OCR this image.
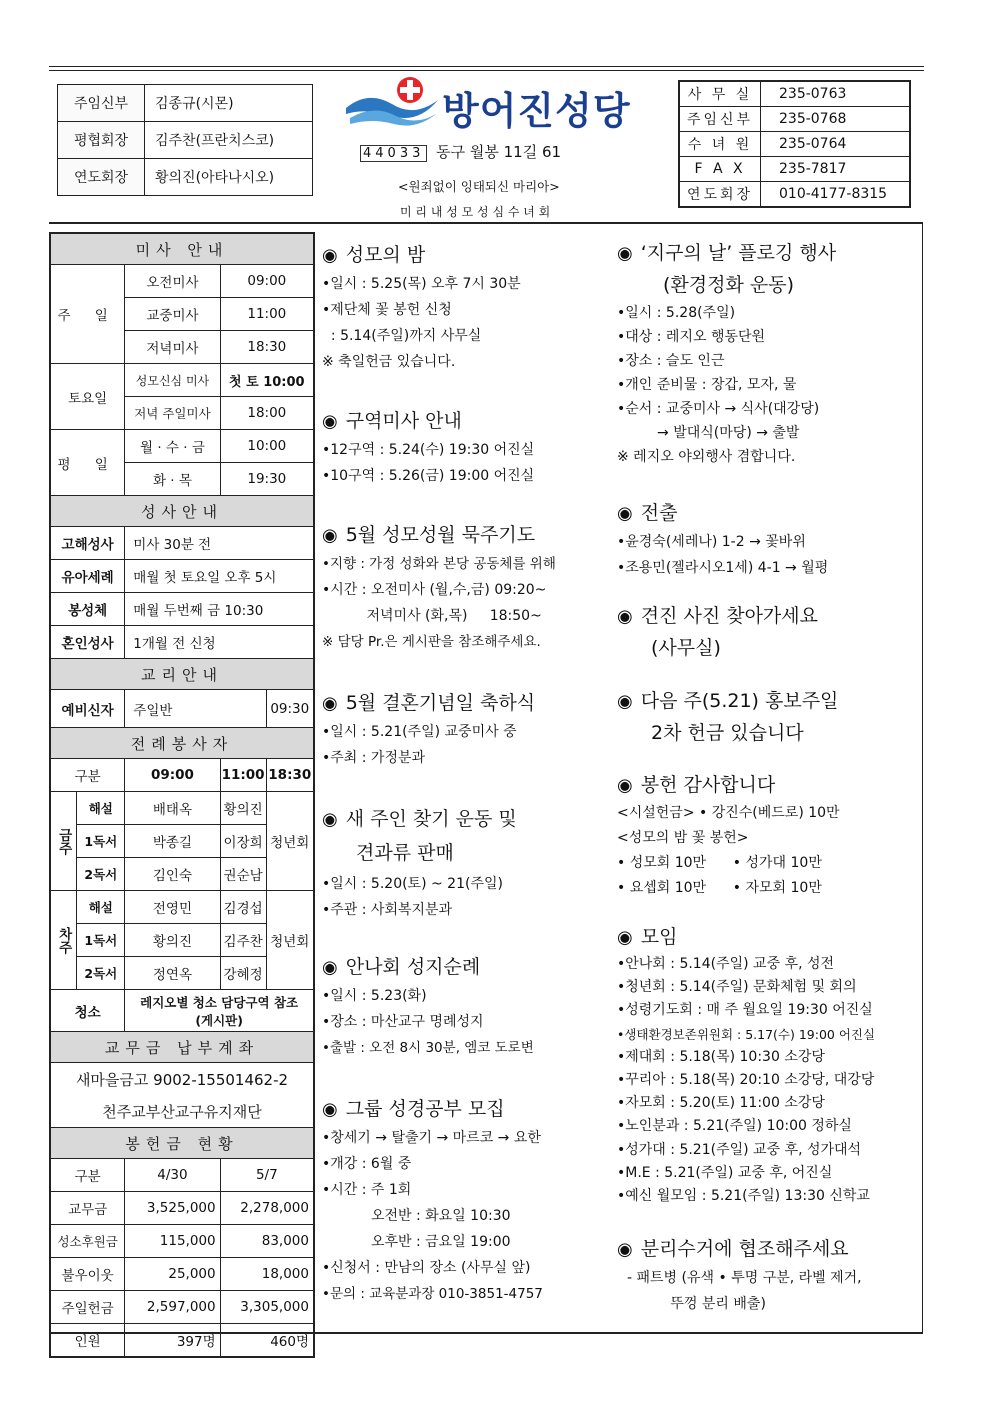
주임신부	김종규(시몬)
평협회장	김주찬(프란치스코)
연도회장	황의진(아타나시오)
방어진성당
44033 동구 월봉 11길 61
<원죄없이 잉태되신 마리아>
미 리 내 성 모 성 심 수 녀 회
사 무 실	235-0763
주임신부	235-0768
수 녀 원	235-0764
F A X	235-7817
연도회장	010-4177-8315
미사 안내				
주 일		오전미사	09:00	
		교중미사	11:00	
		저녁미사	18:30	
토요일		성모신심 미사	첫 토 10:00	
		저녁 주일미사	18:00	
평 일		월 · 수 · 금	10:00	
		화 · 목	19:30	
성사안내				
고해성사		미사 30분 전		
유아세례		매월 첫 토요일 오후 5시		
봉성체		매월 두번째 금 10:30		
혼인성사		1개월 전 신청		
교리안내				
예비신자		주일반		09:30
전례봉사자				
구분		09:00	11:00	18:30
금주	해설	배태옥	황의진	청년회
	1독서	박종길	이장희	
	2독서	김인숙	권순남	
차주	해설	전영민	김경섭	청년회
	1독서	황의진	김주찬	
	2독서	정연옥	강혜정	
청소		레지오별 청소 담당구역 참조 (게시판)		
교무금 납부계좌				
새마을금고 9002-15501462-2				
천주교부산교구유지재단				
봉헌금 현황				
구분		4/30	5/7	
교무금		3,525,000	2,278,000	
성소후원금		115,000	83,000	
불우이웃		25,000	18,000	
주일헌금		2,597,000	3,305,000	
인원		397명	460명	

◉ 성모의 밤

•일시 : 5.25(목) 오후 7시 30분

•제단체 꽃 봉헌 신청

: 5.14(주일)까지 사무실

※ 축일헌금 있습니다.

◉ 구역미사 안내

•12구역 : 5.24(수) 19:30 어진실

•10구역 : 5.26(금) 19:00 어진실

◉ 5월 성모성월 묵주기도

•지향 : 가정 성화와 본당 공동체를 위해

•시간 : 오전미사 (월,수,금) 09:20~

저녁미사 (화,목)     18:50~

※ 담당 Pr.은 게시판을 참조해주세요.

◉ 5월 결혼기념일 축하식

•일시 : 5.21(주일) 교중미사 중

•주최 : 가정분과

◉ 새 주인 찾기 운동 및

견과류 판매

•일시 : 5.20(토) ~ 21(주일)

•주관 : 사회복지분과

◉ 안나회 성지순례

•일시 : 5.23(화)

•장소 : 마산교구 명례성지

•출발 : 오전 8시 30분, 엠코 도로변

◉ 그룹 성경공부 모집

•창세기 → 탈출기 → 마르코 → 요한

•개강 : 6월 중

•시간 : 주 1회

오전반 : 화요일 10:30

오후반 : 금요일 19:00

•신청서 : 만남의 장소 (사무실 앞)

•문의 : 교육분과장 010-3851-4757

◉ ‘지구의 날’ 플로깅 행사

(환경정화 운동)

•일시 : 5.28(주일)

•대상 : 레지오 행동단원

•장소 : 슬도 인근

•개인 준비물 : 장갑, 모자, 물

•순서 : 교중미사 → 식사(대강당)

→ 발대식(마당) → 출발

※ 레지오 야외행사 겸합니다.

◉ 전출

•윤경숙(세레나) 1-2 → 꽃바위

•조용민(젤라시오1세) 4-1 → 월평

◉ 견진 사진 찾아가세요

(사무실)

◉ 다음 주(5.21) 홍보주일

2차 헌금 있습니다

◉ 봉헌 감사합니다

<시설헌금> • 강진수(베드로) 10만

<성모의 밤 꽃 봉헌>

• 성모회 10만      • 성가대 10만

• 요셉회 10만      • 자모회 10만

◉ 모임

•안나회 : 5.14(주일) 교중 후, 성전

•청년회 : 5.14(주일) 문화체험 및 회의

•성령기도회 : 매 주 월요일 19:30 어진실

•생태환경보존위원회 : 5.17(수) 19:00 어진실

•제대회 : 5.18(목) 10:30 소강당

•꾸리아 : 5.18(목) 20:10 소강당, 대강당

•자모회 : 5.20(토) 11:00 소강당

•노인분과 : 5.21(주일) 10:00 정하실

•성가대 : 5.21(주일) 교중 후, 성가대석

•M.E : 5.21(주일) 교중 후, 어진실

•예신 월모임 : 5.21(주일) 13:30 신학교

◉ 분리수거에 협조해주세요

- 패트병 (유색 • 투명 구분, 라벨 제거,

뚜껑 분리 배출)
